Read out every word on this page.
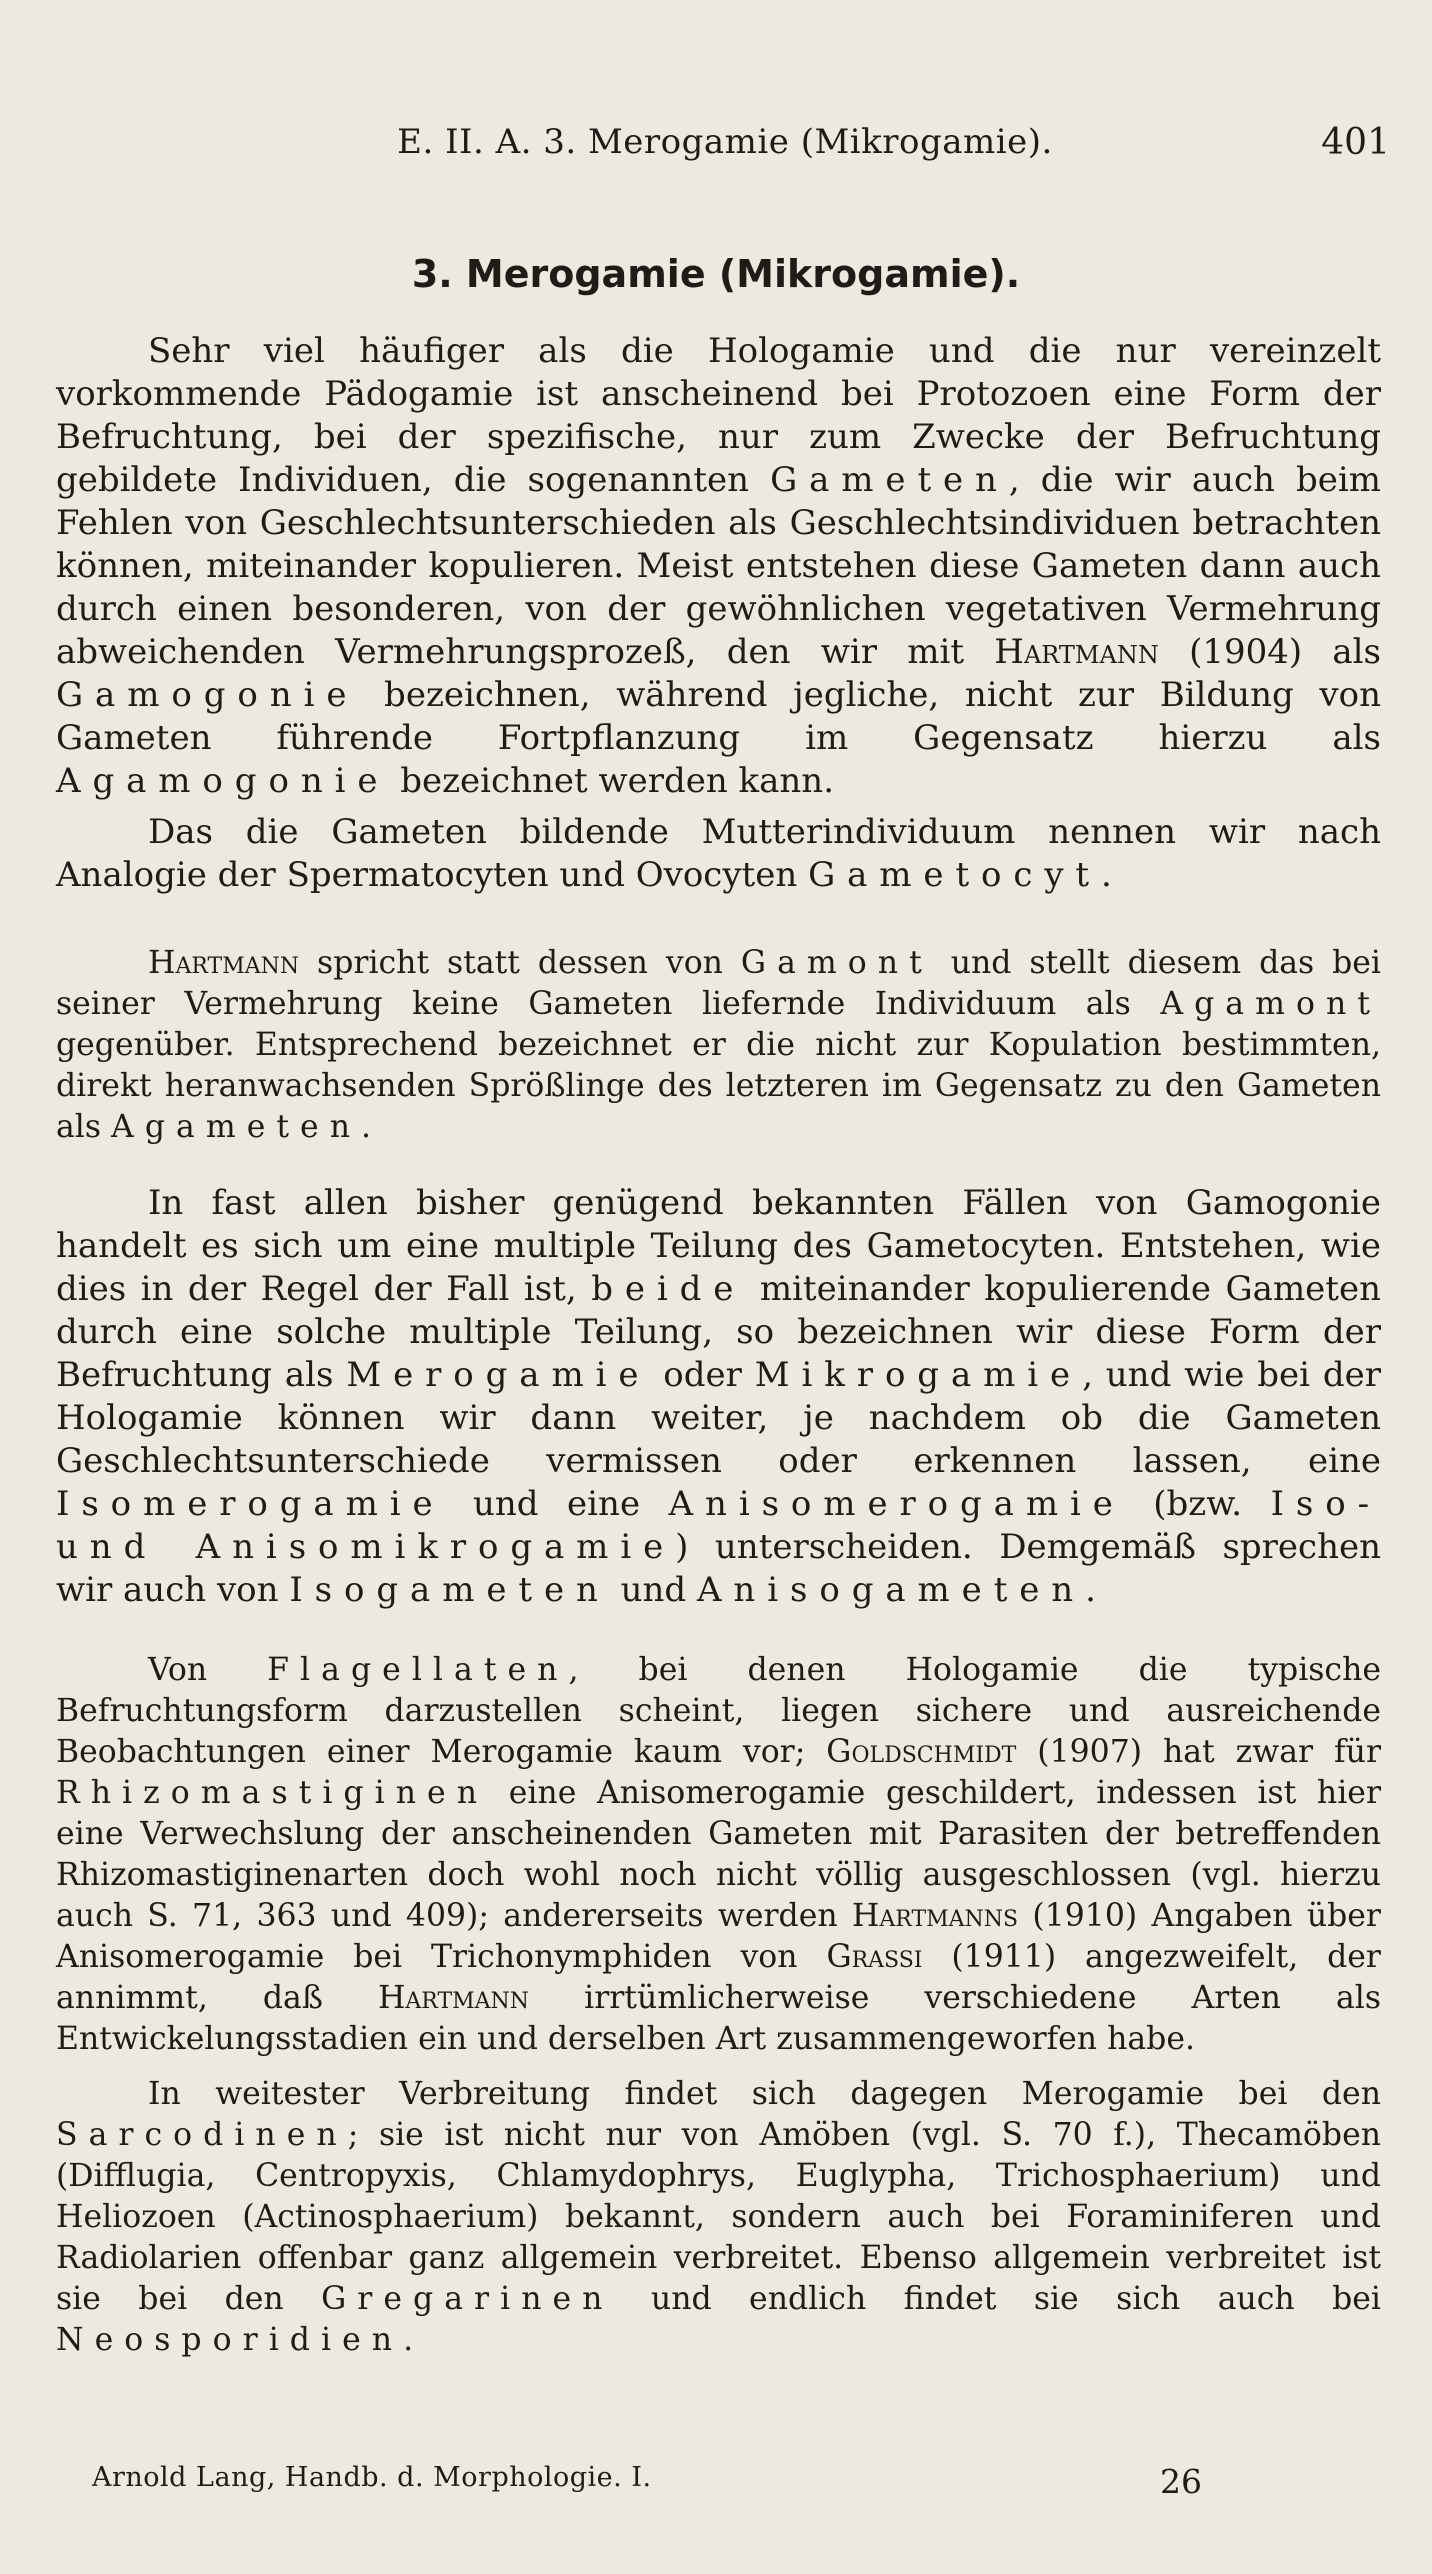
E. II. A. 3. Merogamie (Mikrogamie).	401
3. Merogamie (Mikrogamie).

Sehr viel häufiger als die Hologamie und die nur vereinzelt vorkommende Pädogamie ist anscheinend bei Protozoen eine Form der Befruchtung, bei der spezifische, nur zum Zwecke der Befruchtung gebildete Individuen, die sogenannten Gameten, die wir auch beim Fehlen von Geschlechtsunterschieden als Geschlechtsindividuen betrachten können, miteinander kopulieren. Meist entstehen diese Gameten dann auch durch einen besonderen, von der gewöhnlichen vegetativen Vermehrung abweichenden Vermehrungsprozeß, den wir mit Hartmann (1904) als Gamogonie bezeichnen, während jegliche, nicht zur Bildung von Gameten führende Fortpflanzung im Gegensatz hierzu als Agamogonie bezeichnet werden kann.

Das die Gameten bildende Mutterindividuum nennen wir nach Analogie der Spermatocyten und Ovocyten Gametocyt.

Hartmann spricht statt dessen von Gamont und stellt diesem das bei seiner Vermehrung keine Gameten liefernde Individuum als Agamont gegenüber. Entsprechend bezeichnet er die nicht zur Kopulation bestimmten, direkt heranwachsenden Sprößlinge des letzteren im Gegensatz zu den Gameten als Agameten.

In fast allen bisher genügend bekannten Fällen von Gamogonie handelt es sich um eine multiple Teilung des Gametocyten. Entstehen, wie dies in der Regel der Fall ist, beide miteinander kopulierende Gameten durch eine solche multiple Teilung, so bezeichnen wir diese Form der Befruchtung als Merogamie oder Mikrogamie, und wie bei der Hologamie können wir dann weiter, je nachdem ob die Gameten Geschlechtsunterschiede vermissen oder erkennen lassen, eine Isomerogamie und eine Anisomerogamie (bzw. Iso- und Anisomikrogamie) unterscheiden. Demgemäß sprechen wir auch von Isogameten und Anisogameten.

Von Flagellaten, bei denen Hologamie die typische Befruchtungsform darzustellen scheint, liegen sichere und ausreichende Beobachtungen einer Merogamie kaum vor; Goldschmidt (1907) hat zwar für Rhizomastiginen eine Anisomerogamie geschildert, indessen ist hier eine Verwechslung der anscheinenden Gameten mit Parasiten der betreffenden Rhizomastiginenarten doch wohl noch nicht völlig ausgeschlossen (vgl. hierzu auch S. 71, 363 und 409); andererseits werden Hartmanns (1910) Angaben über Anisomerogamie bei Trichonymphiden von Grassi (1911) angezweifelt, der annimmt, daß Hartmann irrtümlicherweise verschiedene Arten als Entwickelungsstadien ein und derselben Art zusammengeworfen habe.

In weitester Verbreitung findet sich dagegen Merogamie bei den Sarcodinen; sie ist nicht nur von Amöben (vgl. S. 70 f.), Thecamöben (Difflugia, Centropyxis, Chlamydophrys, Euglypha, Trichosphaerium) und Heliozoen (Actinosphaerium) bekannt, sondern auch bei Foraminiferen und Radiolarien offenbar ganz allgemein verbreitet. Ebenso allgemein verbreitet ist sie bei den Gregarinen und endlich findet sie sich auch bei Neosporidien.

Arnold Lang, Handb. d. Morphologie. I.	26
